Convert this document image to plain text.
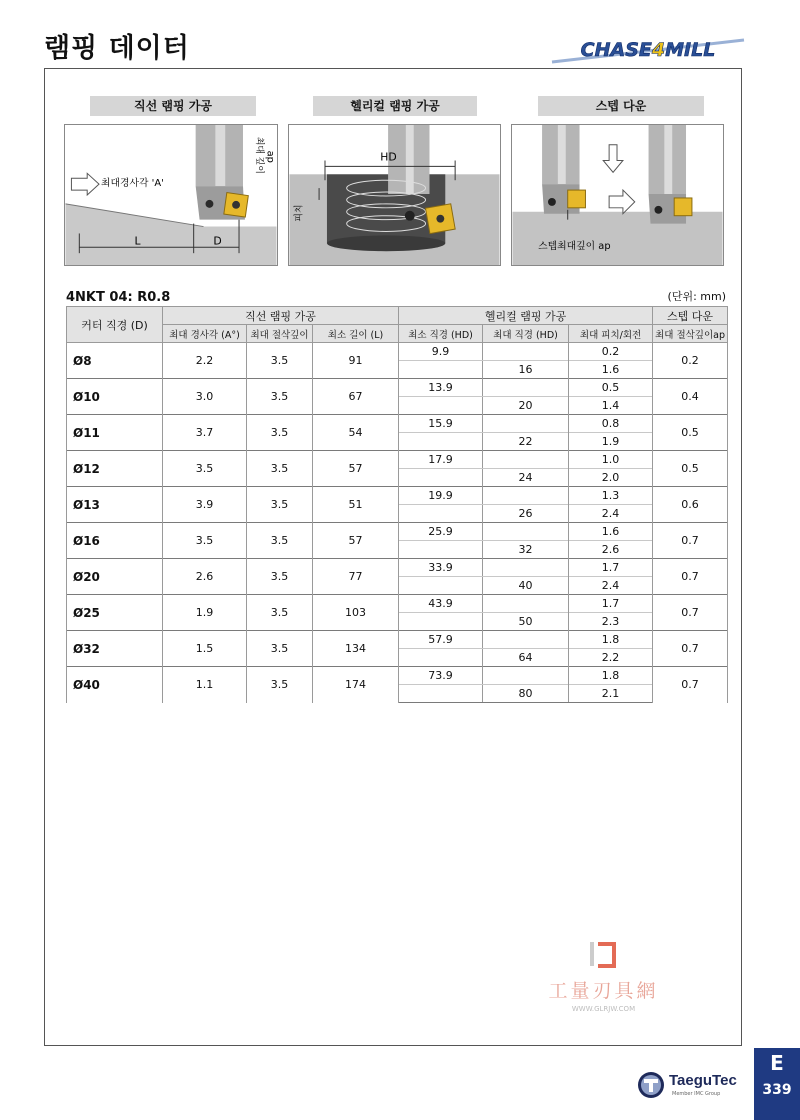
램핑 데이터	CHASE4MILL
직선 램핑 가공	헬리컬 램핑 가공	스텝 다운
최대경사각 'A'
최대 깊이 ap
L	D
HD
피치
스텝최대깊이 ap
4NKT 04: R0.8	(단위: mm)
커터 직경 (D)	직선 램핑 가공			헬리컬 램핑 가공			스텝 다운
	최대 경사각 (A°)	최대 절삭깊이	최소 길이 (L)	최소 직경 (HD)	최대 직경 (HD)	최대 피치/회전	최대 절삭깊이ap
Ø8	2.2	3.5	91	9.9		0.2	0.2
					16	1.6	
Ø10	3.0	3.5	67	13.9		0.5	0.4
					20	1.4	
Ø11	3.7	3.5	54	15.9		0.8	0.5
					22	1.9	
Ø12	3.5	3.5	57	17.9		1.0	0.5
					24	2.0	
Ø13	3.9	3.5	51	19.9		1.3	0.6
					26	2.4	
Ø16	3.5	3.5	57	25.9		1.6	0.7
					32	2.6	
Ø20	2.6	3.5	77	33.9		1.7	0.7
					40	2.4	
Ø25	1.9	3.5	103	43.9		1.7	0.7
					50	2.3	
Ø32	1.5	3.5	134	57.9		1.8	0.7
					64	2.2	
Ø40	1.1	3.5	174	73.9		1.8	0.7
					80	2.1	
工量刃具網
WWW.GLRJW.COM
TaeguTec
Member IMC Group
E
339
